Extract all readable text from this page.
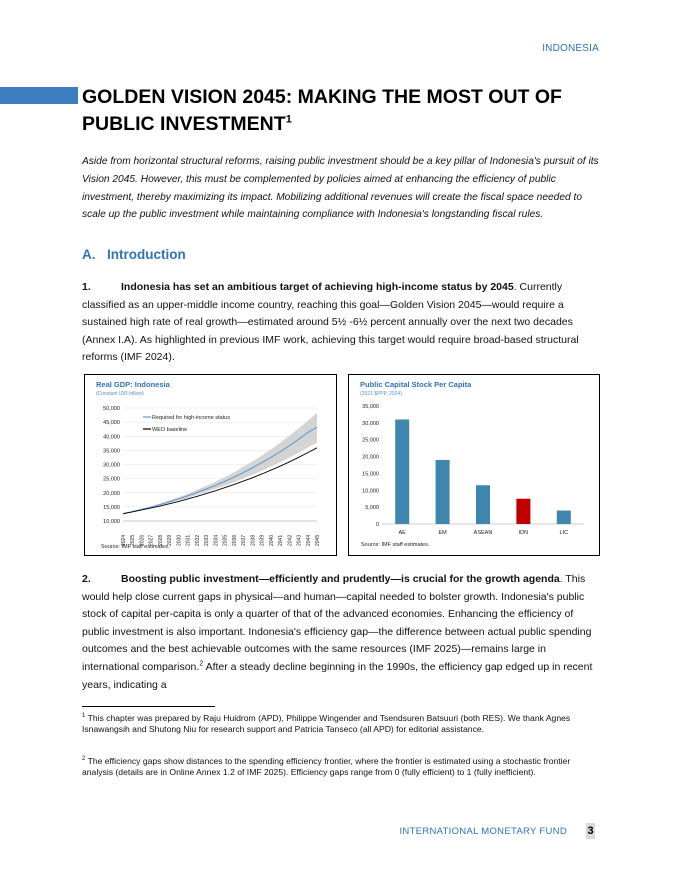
INDONESIA
GOLDEN VISION 2045: MAKING THE MOST OUT OF PUBLIC INVESTMENT$^1$
Aside from horizontal structural reforms, raising public investment should be a key pillar of Indonesia's pursuit of its Vision 2045. However, this must be complemented by policies aimed at enhancing the efficiency of public investment, thereby maximizing its impact. Mobilizing additional revenues will create the fiscal space needed to scale up the public investment while maintaining compliance with Indonesia's longstanding fiscal rules.
A. Introduction
1.	Indonesia has set an ambitious target of achieving high-income status by 2045. Currently classified as an upper-middle income country, reaching this goal—Golden Vision 2045—would require a sustained high rate of real growth—estimated around 5½ -6½ percent annually over the next two decades (Annex I.A). As highlighted in previous IMF work, achieving this target would require broad-based structural reforms (IMF 2024).
Real GDP: Indonesia
(Constant IDR trillion)
10,000
15,000
20,000
25,000
30,000
35,000
40,000
45,000
50,000
Required for high-income status
WEO baseline
2024 2025 2026 2027 2028 2029 2030 2031 2032 2033 2034 2035 2036 2037 2038 2039 2040 2041 2042 2043 2044 2045
Source: IMF staff estimates.
Public Capital Stock Per Capita
(2021 $PPP, 2024)
0
5,000
10,000
15,000
20,000
25,000
30,000
35,000
AE	EM	ASEAN	IDN	LIC
Source: IMF staff estimates.
2.	Boosting public investment—efficiently and prudently—is crucial for the growth agenda. This would help close current gaps in physical—and human—capital needed to bolster growth. Indonesia's public stock of capital per-capita is only a quarter of that of the advanced economies. Enhancing the efficiency of public investment is also important. Indonesia's efficiency gap—the difference between actual public spending outcomes and the best achievable outcomes with the same resources (IMF 2025)—remains large in international comparison.$^2$ After a steady decline beginning in the 1990s, the efficiency gap edged up in recent years, indicating a
$^1$ This chapter was prepared by Raju Huidrom (APD), Philippe Wingender and Tsendsuren Batsuuri (both RES). We thank Agnes Isnawangsih and Shutong Niu for research support and Patricia Tanseco (all APD) for editorial assistance.
$^2$ The efficiency gaps show distances to the spending efficiency frontier, where the frontier is estimated using a stochastic frontier analysis (details are in Online Annex 1.2 of IMF 2025). Efficiency gaps range from 0 (fully efficient) to 1 (fully inefficient).
INTERNATIONAL MONETARY FUND 3
